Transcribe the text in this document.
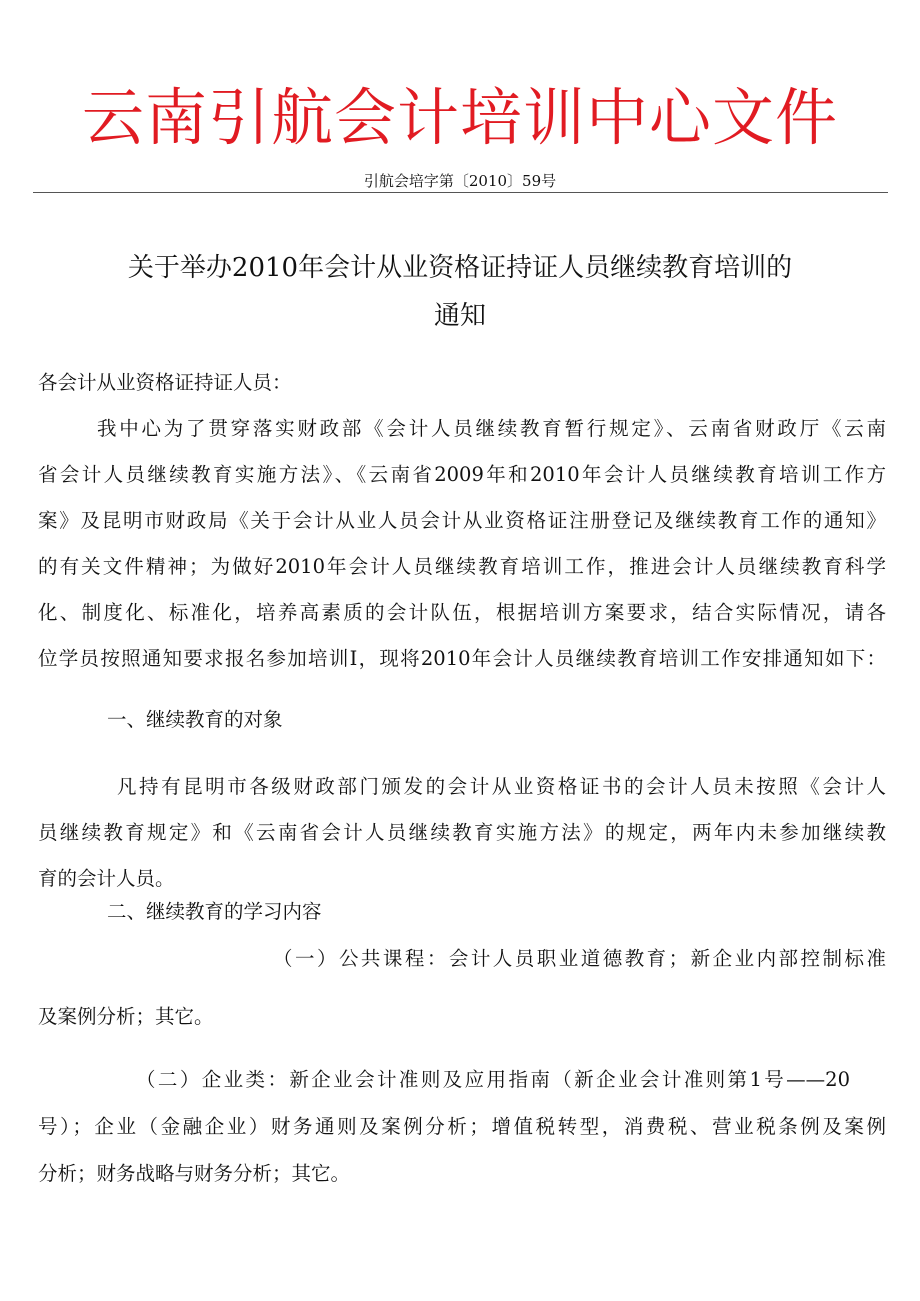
云南引航会计培训中心文件
引航会培字第〔2010〕59号
关于举办2010年会计从业资格证持证人员继续教育培训的
通知
各会计从业资格证持证人员：
我中心为了贯穿落实财政部《会计人员继续教育暂行规定》、云南省财政厅《云南
省会计人员继续教育实施方法》、《云南省2009年和2010年会计人员继续教育培训工作方
案》及昆明市财政局《关于会计从业人员会计从业资格证注册登记及继续教育工作的通知》
的有关文件精神；为做好2010年会计人员继续教育培训工作，推进会计人员继续教育科学
化、制度化、标准化，培养高素质的会计队伍，根据培训方案要求，结合实际情况，请各
位学员按照通知要求报名参加培训I，现将2010年会计人员继续教育培训工作安排通知如下：
一、继续教育的对象
凡持有昆明市各级财政部门颁发的会计从业资格证书的会计人员未按照《会计人
员继续教育规定》和《云南省会计人员继续教育实施方法》的规定，两年内未参加继续教
育的会计人员。
二、继续教育的学习内容
（一）公共课程：会计人员职业道德教育；新企业内部控制标准
及案例分析；其它。
（二）企业类：新企业会计准则及应用指南（新企业会计准则第1号——20
号）；企业（金融企业）财务通则及案例分析；增值税转型，消费税、营业税条例及案例
分析；财务战略与财务分析；其它。
